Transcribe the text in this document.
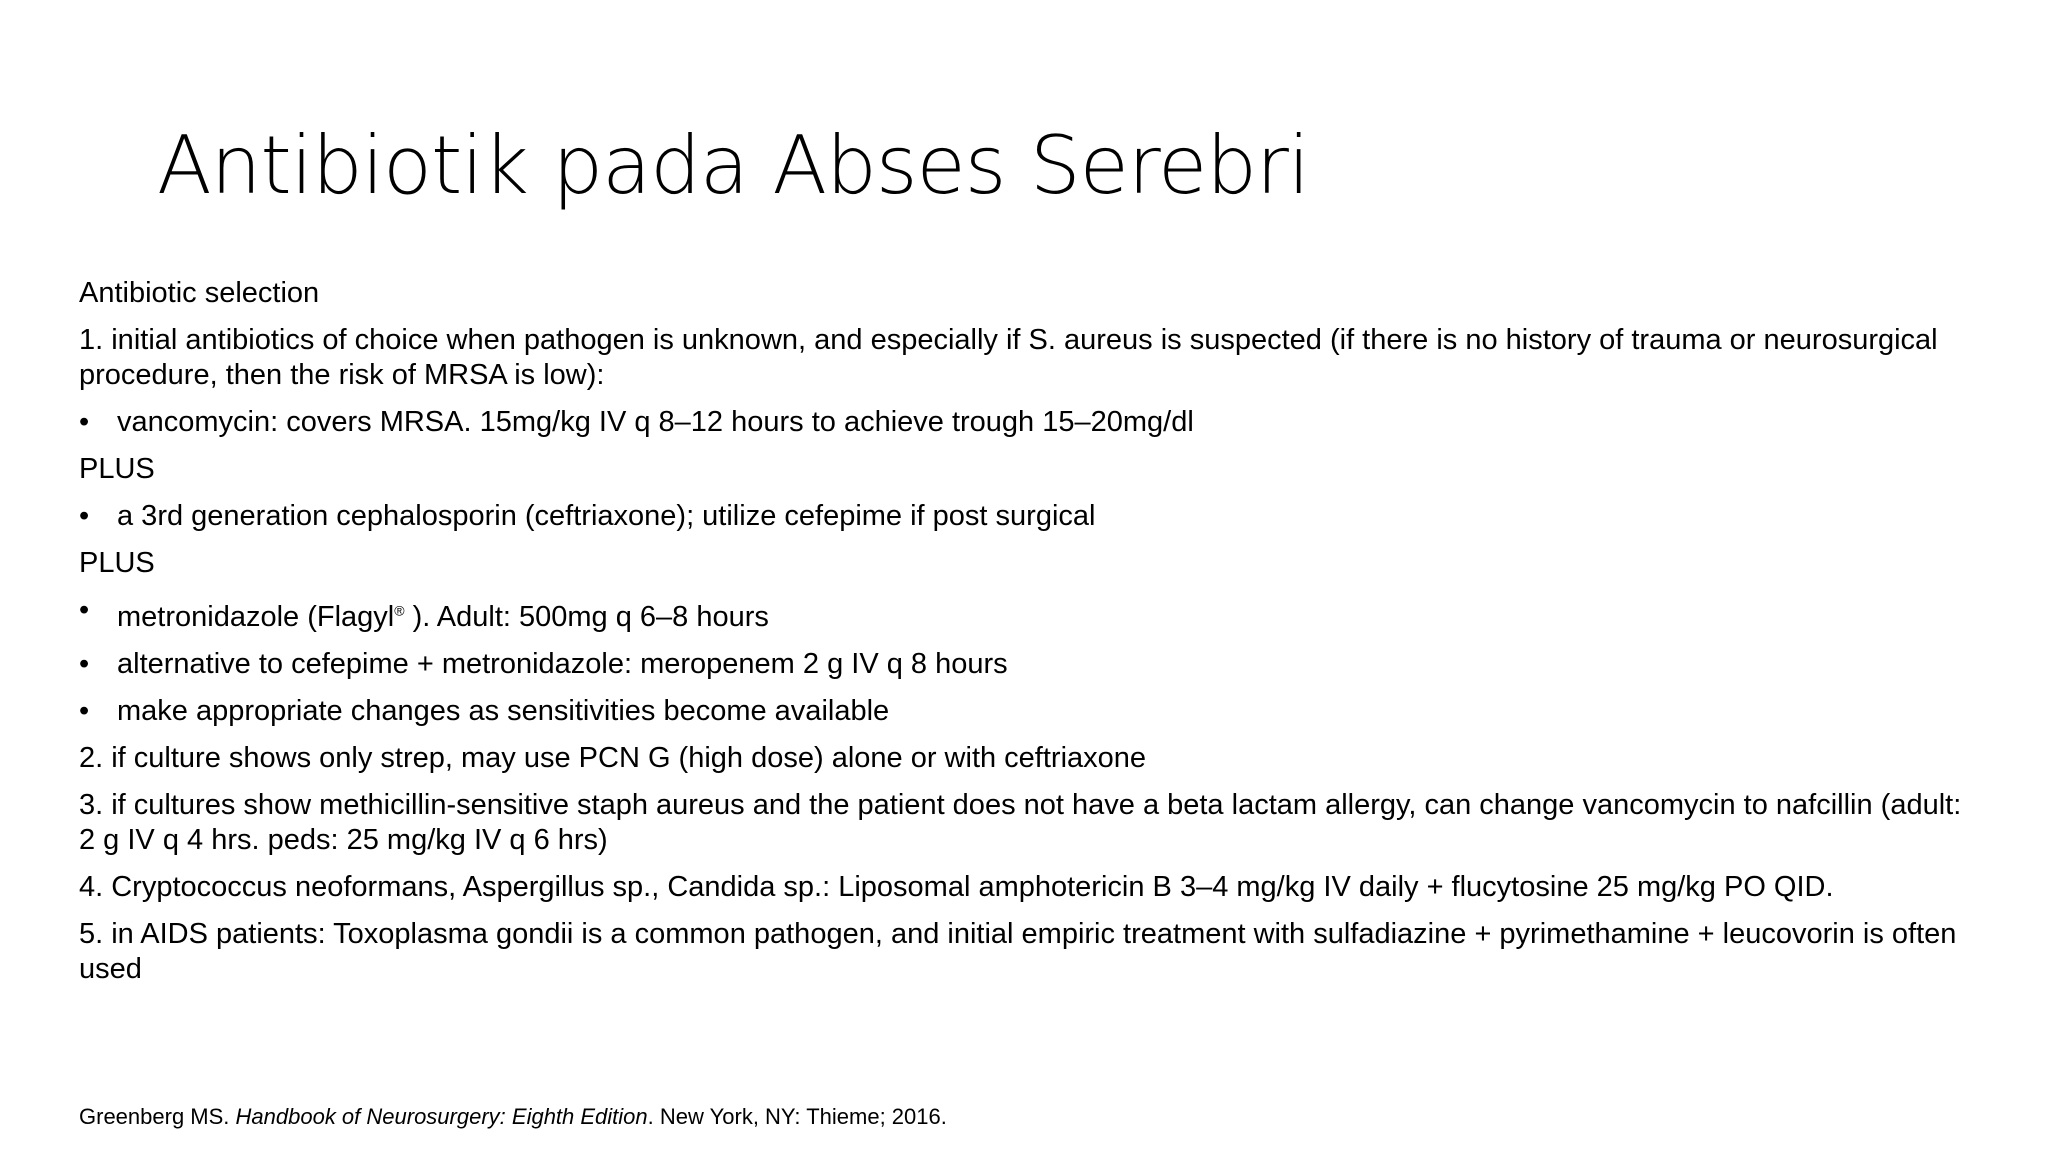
Antibiotik pada Abses Serebri

Antibiotic selection

1. initial antibiotics of choice when pathogen is unknown, and especially if S. aureus is suspected (if there is no history of trauma or neurosurgical procedure, then the risk of MRSA is low):

• vancomycin: covers MRSA. 15mg/kg IV q 8–12 hours to achieve trough 15–20mg/dl

PLUS

• a 3rd generation cephalosporin (ceftriaxone); utilize cefepime if post surgical

PLUS

• metronidazole (Flagyl® ). Adult: 500mg q 6–8 hours
• alternative to cefepime + metronidazole: meropenem 2 g IV q 8 hours
• make appropriate changes as sensitivities become available

2. if culture shows only strep, may use PCN G (high dose) alone or with ceftriaxone

3. if cultures show methicillin-sensitive staph aureus and the patient does not have a beta lactam allergy, can change vancomycin to nafcillin (adult: 2 g IV q 4 hrs. peds: 25 mg/kg IV q 6 hrs)

4. Cryptococcus neoformans, Aspergillus sp., Candida sp.: Liposomal amphotericin B 3–4 mg/kg IV daily + flucytosine 25 mg/kg PO QID.

5. in AIDS patients: Toxoplasma gondii is a common pathogen, and initial empiric treatment with sulfadiazine + pyrimethamine + leucovorin is often used

Greenberg MS. Handbook of Neurosurgery: Eighth Edition. New York, NY: Thieme; 2016.
